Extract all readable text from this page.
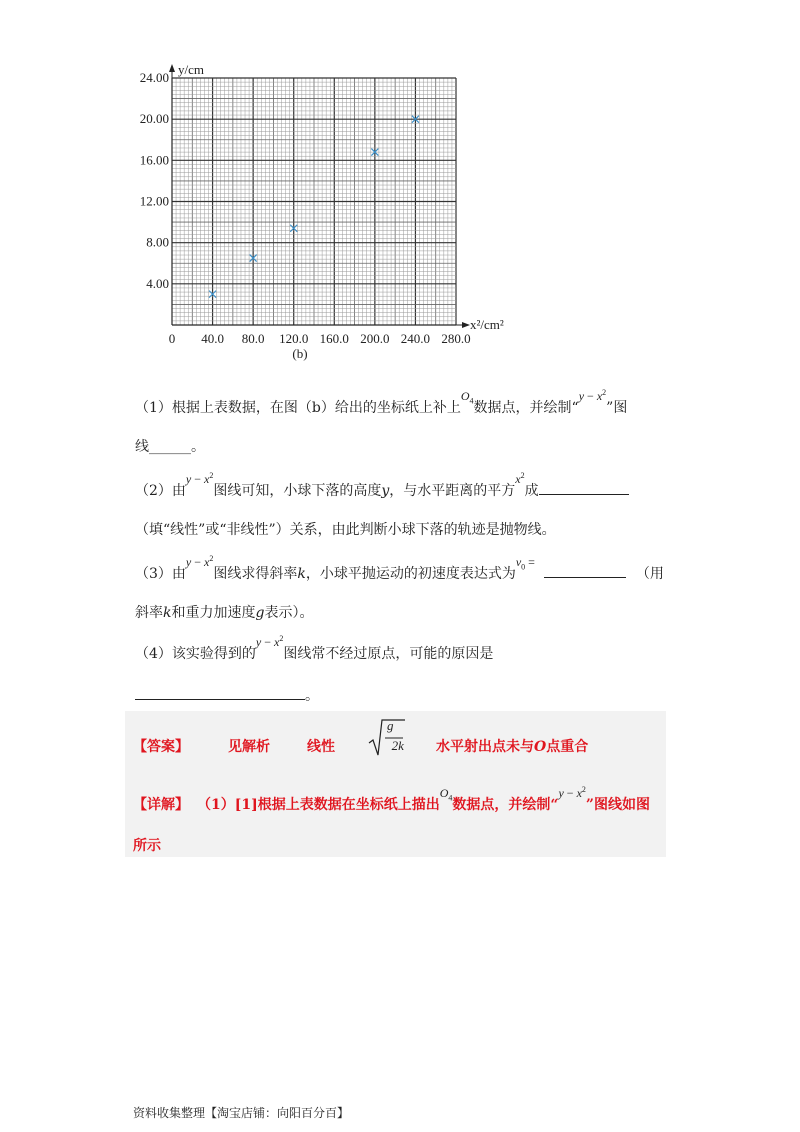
0 40.0 80.0 120.0 160.0 200.0 240.0 280.0
4.00
8.00
12.00
16.00
20.00
24.00
y/cm
x²/cm²
(b)
（1）根据上表数据，在图（b）给出的坐标纸上补上$O_4$数据点，并绘制“$y - x^2$”图
线______。
（2）由$y - x^2$图线可知，小球下落的高度y，与水平距离的平方$x^2$成
（填“线性”或“非线性”）关系，由此判断小球下落的轨迹是抛物线。
（3）由$y - x^2$图线求得斜率k，小球平抛运动的初速度表达式为$v_0$ =  （用
斜率k和重力加速度g表示）。
（4）该实验得到的$y - x^2$图线常不经过原点，可能的原因是
。
【答案】	见解析	线性
g 2k 水平射出点未与O点重合
【详解】 （1）[1]根据上表数据在坐标纸上描出$O_4$数据点，并绘制“$y - x^2$”图线如图
所示
资料收集整理【淘宝店铺：向阳百分百】
